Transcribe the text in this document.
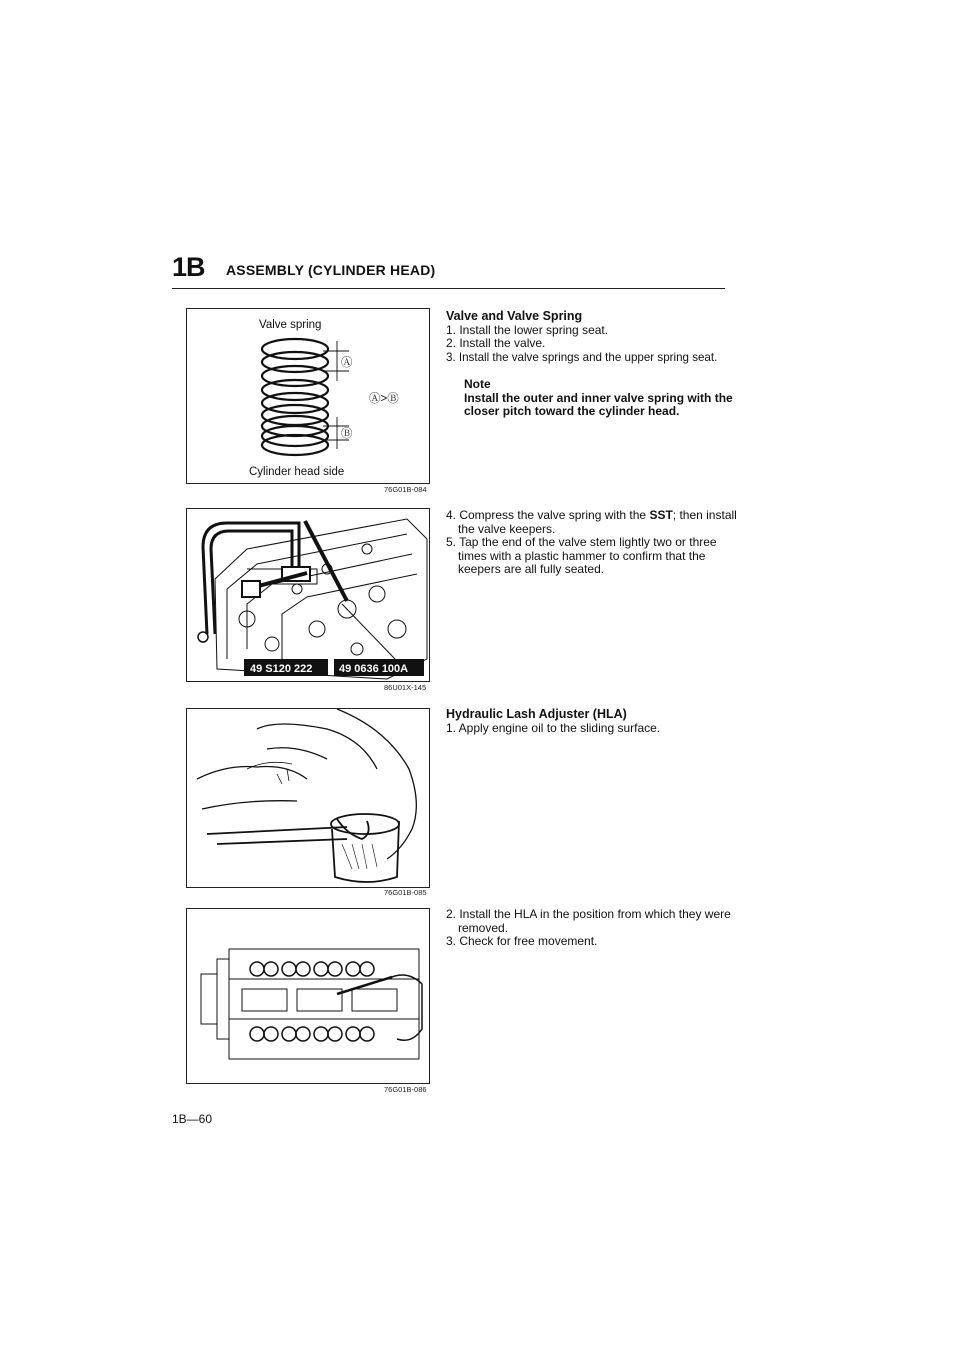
1B ASSEMBLY (CYLINDER HEAD)
Valve spring
Ⓐ
Ⓑ
Ⓐ>Ⓑ
Cylinder head side
76G01B-084
49 S120 222 49 0636 100A
86U01X-145
76G01B-085
76G01B-086
Valve and Valve Spring
1. Install the lower spring seat.
2. Install the valve.
3. Install the valve springs and the upper spring seat.
Note
Install the outer and inner valve spring with the closer pitch toward the cylinder head.
4. Compress the valve spring with the SST; then install the valve keepers.
5. Tap the end of the valve stem lightly two or three times with a plastic hammer to confirm that the keepers are all fully seated.
Hydraulic Lash Adjuster (HLA)
1. Apply engine oil to the sliding surface.
2. Install the HLA in the position from which they were removed.
3. Check for free movement.
1B—60
